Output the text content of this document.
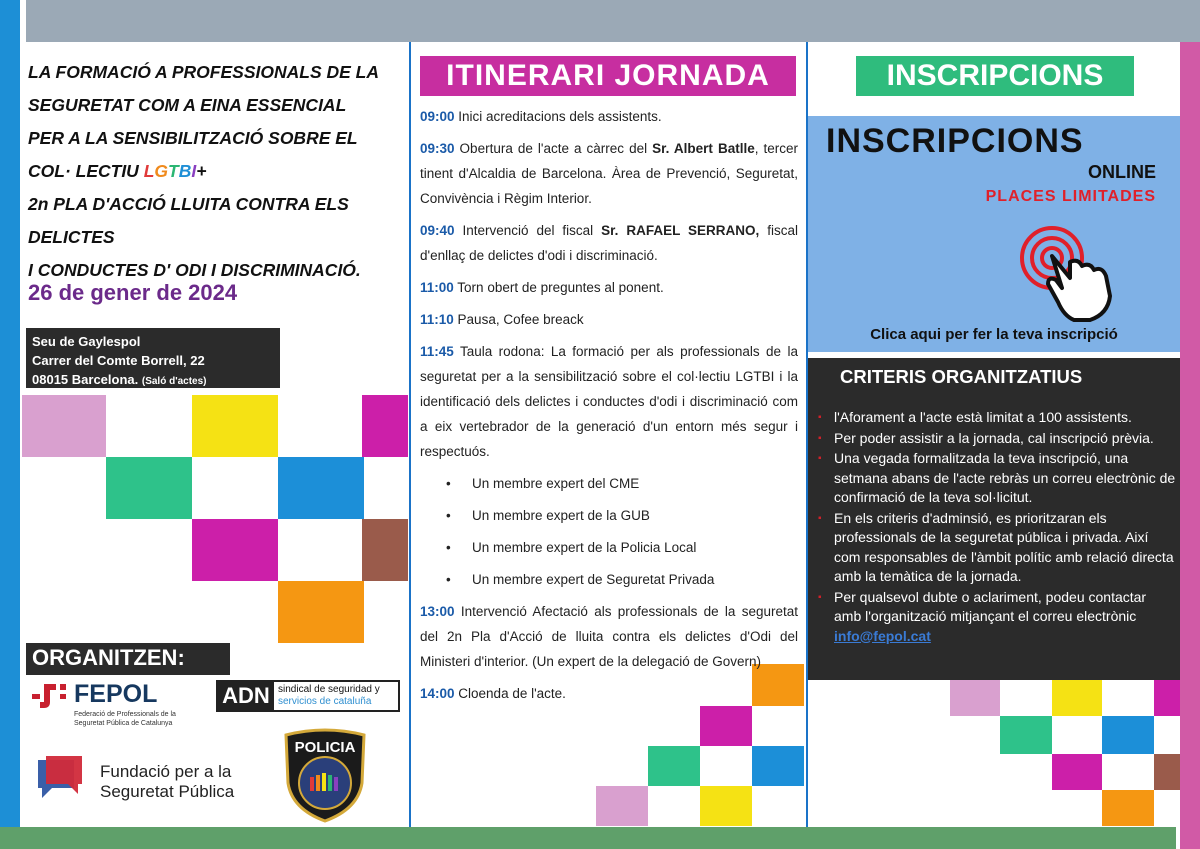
LA FORMACIÓ A PROFESSIONALS DE LA
SEGURETAT COM A EINA ESSENCIAL
PER A LA SENSIBILITZACIÓ SOBRE EL
COL· LECTIU LGTBI+
2n PLA D'ACCIÓ LLUITA CONTRA ELS DELICTES
I CONDUCTES D' ODI I DISCRIMINACIÓ.
26 de gener de 2024
Seu de Gaylespol
Carrer del Comte Borrell, 22
08015 Barcelona. (Saló d'actes)
ORGANITZEN:
FEPOL
Federació de Professionals de la Seguretat Pública de Catalunya
ADN sindical de seguridad y
servicios de cataluña
Fundació per a la
Seguretat Pública
POLICIA
ITINERARI JORNADA

09:00 Inici acreditacions dels assistents.

09:30 Obertura de l'acte a càrrec del Sr. Albert Batlle, tercer tinent d'Alcaldia de Barcelona. Àrea de Prevenció, Seguretat, Convivència i Règim Interior.

09:40 Intervenció del fiscal Sr. RAFAEL SERRANO, fiscal d'enllaç de delictes d'odi i discriminació.

11:00 Torn obert de preguntes al ponent.

11:10 Pausa, Cofee breack

11:45 Taula rodona: La formació per als professionals de la seguretat per a la sensibilització sobre el col·lectiu LGTBI i la identificació dels delictes i conductes d'odi i discriminació com a eix vertebrador de la generació d'un entorn més segur i respectuós.

• Un membre expert del CME
• Un membre expert de la GUB
• Un membre expert de la Policia Local
• Un membre expert de Seguretat Privada

13:00 Intervenció Afectació als professionals de la seguretat del 2n Pla d'Acció de lluita contra els delictes d'Odi del Ministeri d'interior. (Un expert de la delegació de Govern)

14:00 Cloenda de l'acte.

INSCRIPCIONS
INSCRIPCIONS
ONLINE
PLACES LIMITADES
Clica aqui per fer la teva inscripció
CRITERIS ORGANITZATIUS
▪ l'Aforament a l'acte està limitat a 100 assistents.
▪ Per poder assistir a la jornada, cal inscripció prèvia.
▪ Una vegada formalitzada la teva inscripció, una setmana abans de l'acte rebràs un correu electrònic de confirmació de la teva sol·licitut.
▪ En els criteris d'adminsió, es prioritzaran els professionals de la seguretat pública i privada. Així com responsables de l'àmbit polític amb relació directa amb la temàtica de la jornada.
▪ Per qualsevol dubte o aclariment, podeu contactar amb l'organització mitjançant el correu electrònic info@fepol.cat
